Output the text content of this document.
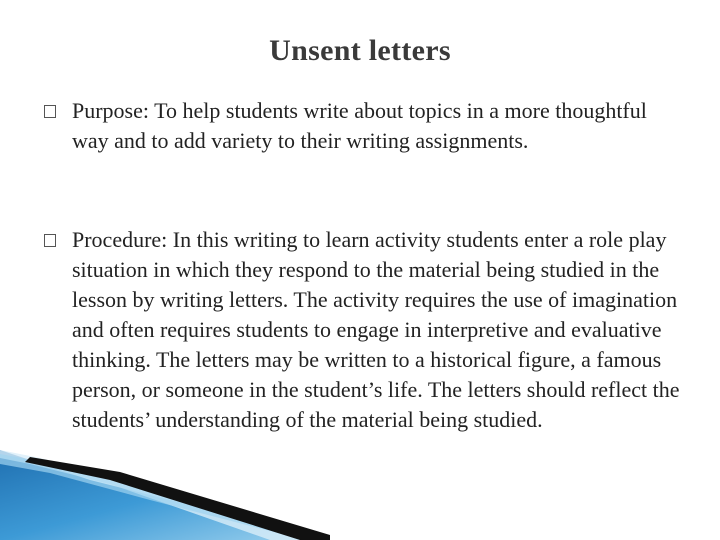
Unsent letters
Purpose: To help students write about topics in a more thoughtful way and to add variety to their writing assignments.
Procedure: In this writing to learn activity students enter a role play situation in which they respond to the material being studied in the lesson by writing letters. The activity requires the use of imagination and often requires students to engage in interpretive and evaluative thinking. The letters may be written to a historical figure, a famous person, or someone in the student’s life. The letters should reflect the students’ understanding of the material being studied.
